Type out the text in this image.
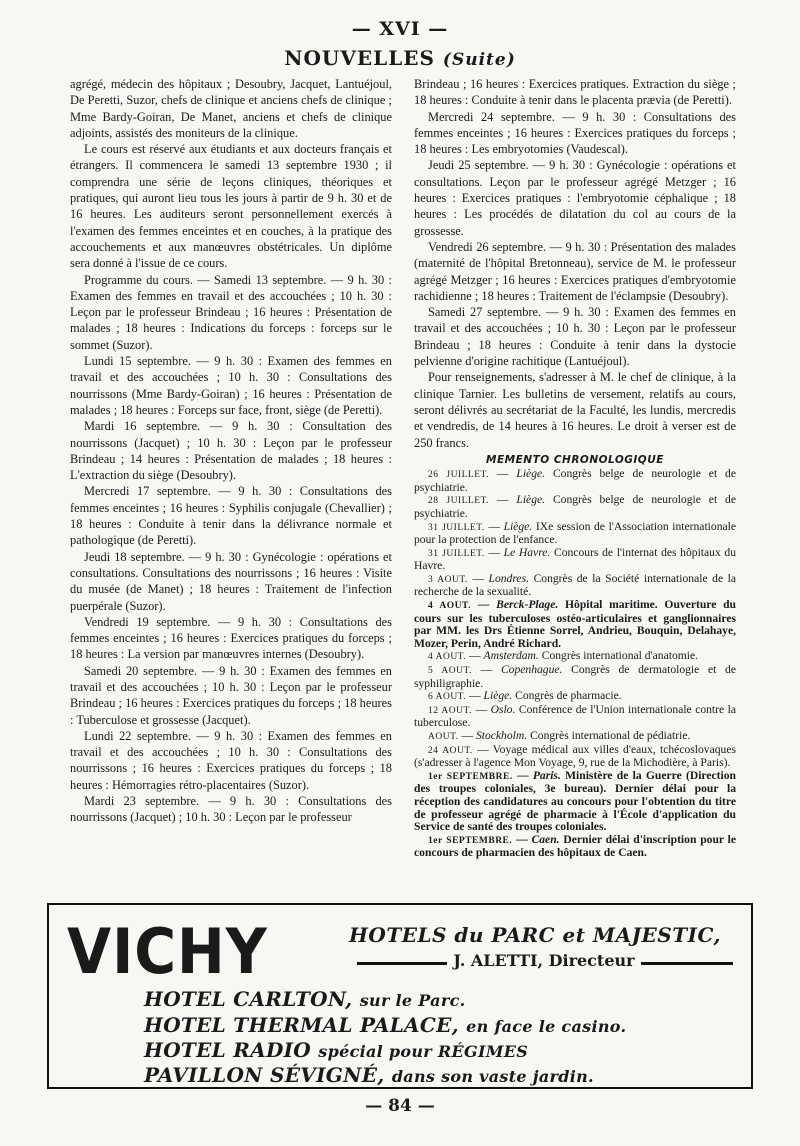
— XVI —
NOUVELLES (Suite)

agrégé, médecin des hôpitaux ; Desoubry, Jacquet, Lantuéjoul, De Peretti, Suzor, chefs de clinique et anciens chefs de clinique ; Mme Bardy-Goiran, De Manet, anciens et chefs de clinique adjoints, assistés des moniteurs de la clinique.

Le cours est réservé aux étudiants et aux docteurs français et étrangers. Il commencera le samedi 13 septembre 1930 ; il comprendra une série de leçons cliniques, théoriques et pratiques, qui auront lieu tous les jours à partir de 9 h. 30 et de 16 heures. Les auditeurs seront personnellement exercés à l'examen des femmes enceintes et en couches, à la pratique des accouchements et aux manœuvres obstétricales. Un diplôme sera donné à l'issue de ce cours.

Programme du cours. — Samedi 13 septembre. — 9 h. 30 : Examen des femmes en travail et des accouchées ; 10 h. 30 : Leçon par le professeur Brindeau ; 16 heures : Présentation de malades ; 18 heures : Indications du forceps : forceps sur le sommet (Suzor).

Lundi 15 septembre. — 9 h. 30 : Examen des femmes en travail et des accouchées ; 10 h. 30 : Consultations des nourrissons (Mme Bardy-Goiran) ; 16 heures : Présentation de malades ; 18 heures : Forceps sur face, front, siège (de Peretti).

Mardi 16 septembre. — 9 h. 30 : Consultation des nourrissons (Jacquet) ; 10 h. 30 : Leçon par le professeur Brindeau ; 14 heures : Présentation de malades ; 18 heures : L'extraction du siège (Desoubry).

Mercredi 17 septembre. — 9 h. 30 : Consultations des femmes enceintes ; 16 heures : Syphilis conjugale (Chevallier) ; 18 heures : Conduite à tenir dans la délivrance normale et pathologique (de Peretti).

Jeudi 18 septembre. — 9 h. 30 : Gynécologie : opérations et consultations. Consultations des nourrissons ; 16 heures : Visite du musée (de Manet) ; 18 heures : Traitement de l'infection puerpérale (Suzor).

Vendredi 19 septembre. — 9 h. 30 : Consultations des femmes enceintes ; 16 heures : Exercices pratiques du forceps ; 18 heures : La version par manœuvres internes (Desoubry).

Samedi 20 septembre. — 9 h. 30 : Examen des femmes en travail et des accouchées ; 10 h. 30 : Leçon par le professeur Brindeau ; 16 heures : Exercices pratiques du forceps ; 18 heures : Tuberculose et grossesse (Jacquet).

Lundi 22 septembre. — 9 h. 30 : Examen des femmes en travail et des accouchées ; 10 h. 30 : Consultations des nourrissons ; 16 heures : Exercices pratiques du forceps ; 18 heures : Hémorragies rétro-placentaires (Suzor).

Mardi 23 septembre. — 9 h. 30 : Consultations des nourrissons (Jacquet) ; 10 h. 30 : Leçon par le professeur

Brindeau ; 16 heures : Exercices pratiques. Extraction du siège ; 18 heures : Conduite à tenir dans le placenta prævia (de Peretti).

Mercredi 24 septembre. — 9 h. 30 : Consultations des femmes enceintes ; 16 heures : Exercices pratiques du forceps ; 18 heures : Les embryotomies (Vaudescal).

Jeudi 25 septembre. — 9 h. 30 : Gynécologie : opérations et consultations. Leçon par le professeur agrégé Metzger ; 16 heures : Exercices pratiques : l'embryotomie céphalique ; 18 heures : Les procédés de dilatation du col au cours de la grossesse.

Vendredi 26 septembre. — 9 h. 30 : Présentation des malades (maternité de l'hôpital Bretonneau), service de M. le professeur agrégé Metzger ; 16 heures : Exercices pratiques d'embryotomie rachidienne ; 18 heures : Traitement de l'éclampsie (Desoubry).

Samedi 27 septembre. — 9 h. 30 : Examen des femmes en travail et des accouchées ; 10 h. 30 : Leçon par le professeur Brindeau ; 18 heures : Conduite à tenir dans la dystocie pelvienne d'origine rachitique (Lantuéjoul).

Pour renseignements, s'adresser à M. le chef de clinique, à la clinique Tarnier. Les bulletins de versement, relatifs au cours, seront délivrés au secrétariat de la Faculté, les lundis, mercredis et vendredis, de 14 heures à 16 heures. Le droit à verser est de 250 francs.

MEMENTO CHRONOLOGIQUE

26 JUILLET. — Liège. Congrès belge de neurologie et de psychiatrie.

28 JUILLET. — Liège. Congrès belge de neurologie et de psychiatrie.

31 JUILLET. — Liège. IXe session de l'Association internationale pour la protection de l'enfance.

31 JUILLET. — Le Havre. Concours de l'internat des hôpitaux du Havre.

3 AOUT. — Londres. Congrès de la Société internationale de la recherche de la sexualité.

4 AOUT. — Berck-Plage. Hôpital maritime. Ouverture du cours sur les tuberculoses ostéo-articulaires et ganglionnaires par MM. les Drs Étienne Sorrel, Andrieu, Bouquin, Delahaye, Mozer, Perin, André Richard.

4 AOUT. — Amsterdam. Congrès international d'anatomie.

5 AOUT. — Copenhague. Congrès de dermatologie et de syphiligraphie.

6 AOUT. — Liège. Congrès de pharmacie.

12 AOUT. — Oslo. Conférence de l'Union internationale contre la tuberculose.

AOUT. — Stockholm. Congrès international de pédiatrie.

24 AOUT. — Voyage médical aux villes d'eaux, tchécoslovaques (s'adresser à l'agence Mon Voyage, 9, rue de la Michodière, à Paris).

1er SEPTEMBRE. — Paris. Ministère de la Guerre (Direction des troupes coloniales, 3e bureau). Dernier délai pour la réception des candidatures au concours pour l'obtention du titre de professeur agrégé de pharmacie à l'École d'application du Service de santé des troupes coloniales.

1er SEPTEMBRE. — Caen. Dernier délai d'inscription pour le concours de pharmacien des hôpitaux de Caen.

VICHY	HOTELS du PARC et MAJESTIC,
J. ALETTI, Directeur
HOTEL CARLTON, sur le Parc.
HOTEL THERMAL PALACE, en face le casino.
HOTEL RADIO spécial pour RÉGIMES
PAVILLON SÉVIGNÉ, dans son vaste jardin.
— 84 —
